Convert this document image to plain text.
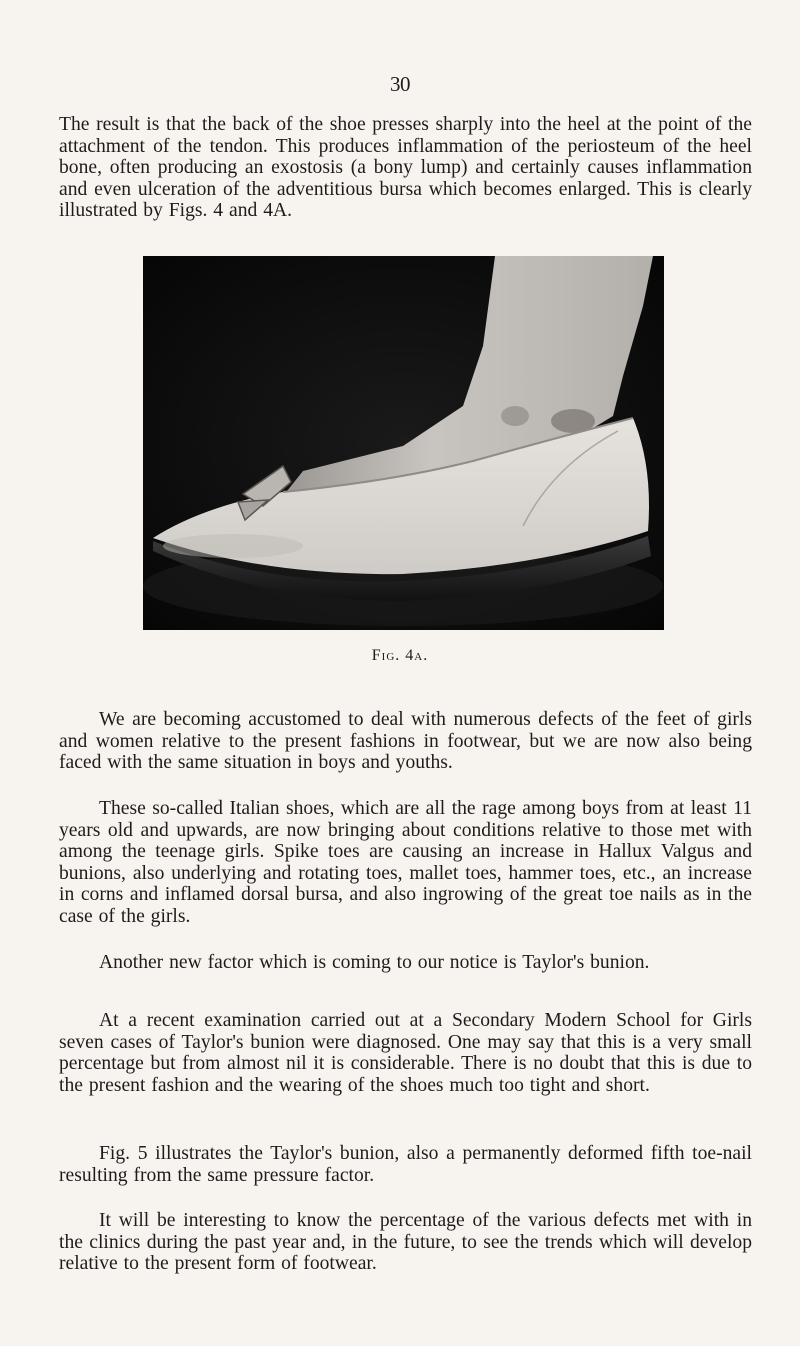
30

The result is that the back of the shoe presses sharply into the heel at the point of the attachment of the tendon. This produces inflammation of the periosteum of the heel bone, often producing an exostosis (a bony lump) and certainly causes inflammation and even ulceration of the adventitious bursa which becomes enlarged. This is clearly illustrated by Figs. 4 and 4A.

Fig. 4a.

We are becoming accustomed to deal with numerous defects of the feet of girls and women relative to the present fashions in footwear, but we are now also being faced with the same situation in boys and youths.

These so-called Italian shoes, which are all the rage among boys from at least 11 years old and upwards, are now bringing about conditions relative to those met with among the teenage girls. Spike toes are causing an increase in Hallux Valgus and bunions, also underlying and rotating toes, mallet toes, hammer toes, etc., an increase in corns and inflamed dorsal bursa, and also ingrowing of the great toe nails as in the case of the girls.

Another new factor which is coming to our notice is Taylor's bunion.

At a recent examination carried out at a Secondary Modern School for Girls seven cases of Taylor's bunion were diagnosed. One may say that this is a very small percentage but from almost nil it is considerable. There is no doubt that this is due to the present fashion and the wearing of the shoes much too tight and short.

Fig. 5 illustrates the Taylor's bunion, also a permanently deformed fifth toe-nail resulting from the same pressure factor.

It will be interesting to know the percentage of the various defects met with in the clinics during the past year and, in the future, to see the trends which will develop relative to the present form of footwear.
